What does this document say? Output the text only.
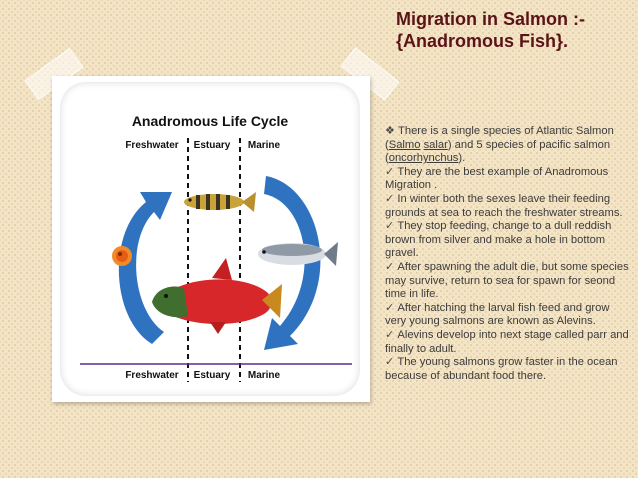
Migration in Salmon :-
{Anadromous Fish}.
Anadromous Life Cycle
Freshwater Estuary Marine
Freshwater Estuary Marine

❖ There is a single species of Atlantic Salmon (Salmo salar) and 5 species of pacific salmon (oncorhynchus).

✓ They are the best example of Anadromous Migration .

✓ In winter both the sexes leave their feeding grounds at sea to reach the freshwater streams.

✓ They stop feeding, change to a dull reddish brown from silver and make a hole in bottom gravel.

✓ After spawning the adult die, but some species may survive, return to sea for spawn for seond time in life.

✓ After hatching the larval fish feed and grow very young salmons are known as Alevins.

✓ Alevins develop into next stage called parr and finally to adult.

✓ The young salmons grow faster in the ocean because of abundant food there.
